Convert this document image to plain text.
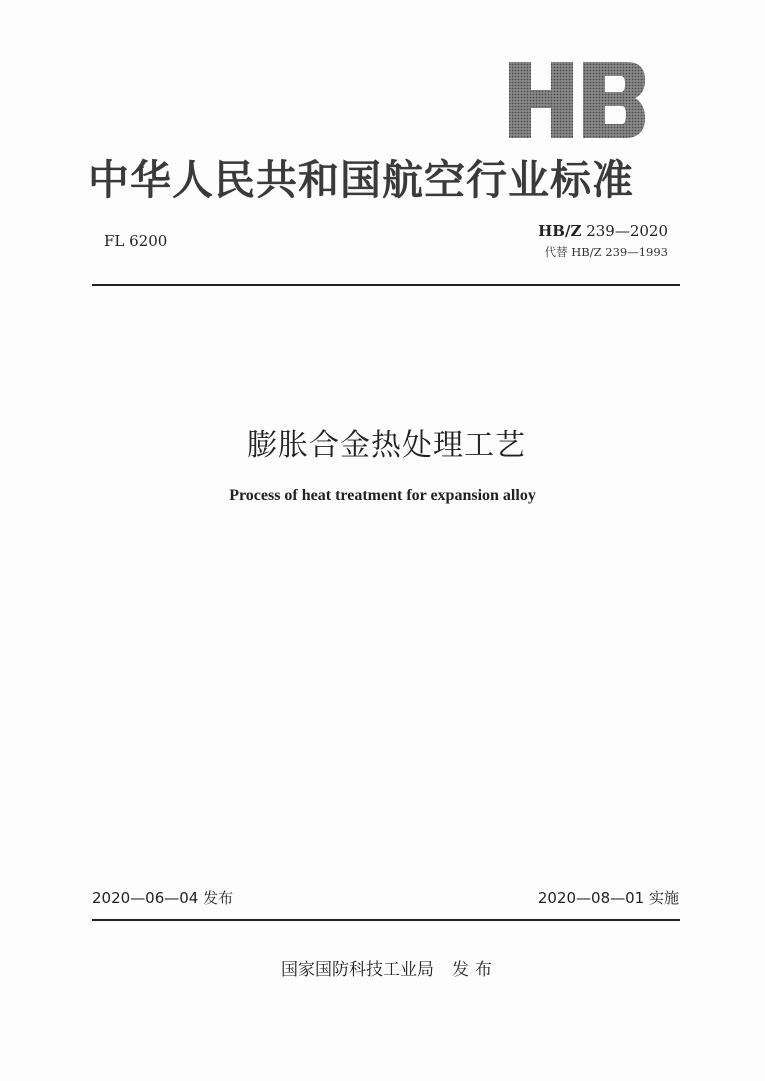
中华人民共和国航空行业标准
FL 6200
HB/Z 239—2020
代替 HB/Z 239—1993
膨胀合金热处理工艺
Process of heat treatment for expansion alloy
2020—06—04 发布	2020—08—01 实施
国家国防科技工业局 发布
